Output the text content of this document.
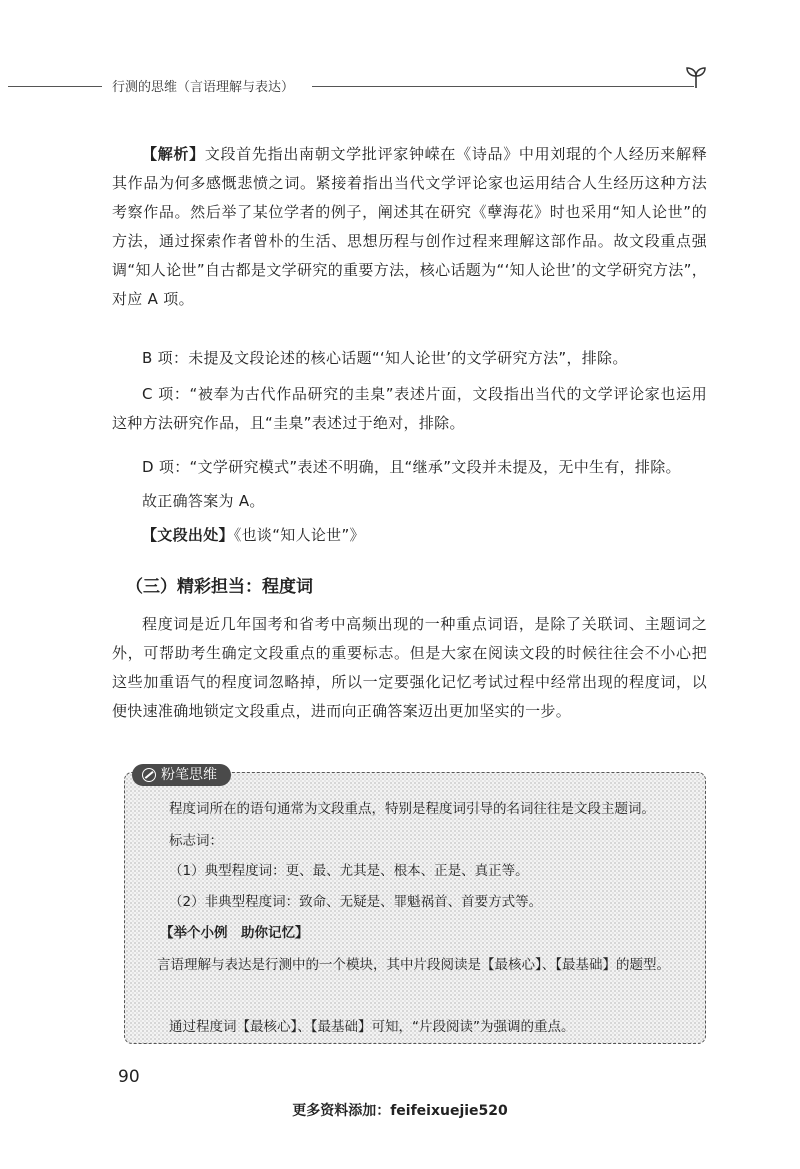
行测的思维（言语理解与表达）

【解析】文段首先指出南朝文学批评家钟嵘在《诗品》中用刘琨的个人经历来解释其作品为何多感慨悲愤之词。紧接着指出当代文学评论家也运用结合人生经历这种方法考察作品。然后举了某位学者的例子，阐述其在研究《孽海花》时也采用“知人论世”的方法，通过探索作者曾朴的生活、思想历程与创作过程来理解这部作品。故文段重点强调“知人论世”自古都是文学研究的重要方法，核心话题为“‘知人论世’的文学研究方法”，对应 A 项。

B 项：未提及文段论述的核心话题“‘知人论世’的文学研究方法”，排除。

C 项：“被奉为古代作品研究的圭臬”表述片面，文段指出当代的文学评论家也运用这种方法研究作品，且“圭臬”表述过于绝对，排除。

D 项：“文学研究模式”表述不明确，且“继承”文段并未提及，无中生有，排除。

故正确答案为 A。

【文段出处】《也谈“知人论世”》

（三）精彩担当：程度词

程度词是近几年国考和省考中高频出现的一种重点词语，是除了关联词、主题词之外，可帮助考生确定文段重点的重要标志。但是大家在阅读文段的时候往往会不小心把这些加重语气的程度词忽略掉，所以一定要强化记忆考试过程中经常出现的程度词，以便快速准确地锁定文段重点，进而向正确答案迈出更加坚实的一步。

粉笔思维

程度词所在的语句通常为文段重点，特别是程度词引导的名词往往是文段主题词。

标志词：

（1）典型程度词：更、最、尤其是、根本、正是、真正等。

（2）非典型程度词：致命、无疑是、罪魁祸首、首要方式等。

【举个小例　助你记忆】

言语理解与表达是行测中的一个模块，其中片段阅读是【最核心】、【最基础】的题型。

通过程度词【最核心】、【最基础】可知，“片段阅读”为强调的重点。

90
更多资料添加：feifeixuejie520
